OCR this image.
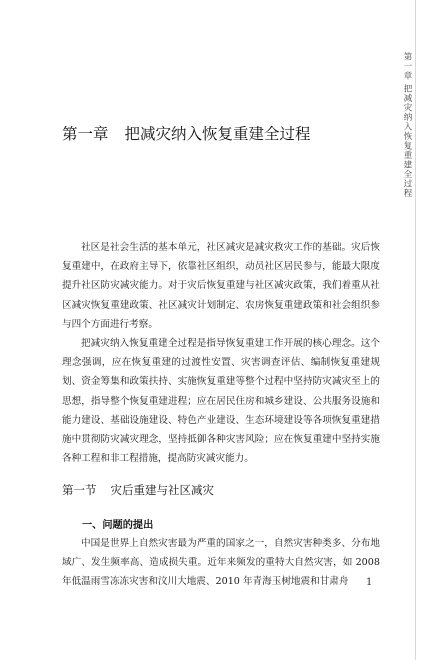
第一章 把减灾纳入恢复重建全过程
第一章 把减灾纳入恢复重建全过程

社区是社会生活的基本单元，社区减灾是减灾救灾工作的基础。灾后恢复重建中，在政府主导下，依靠社区组织，动员社区居民参与，能最大限度提升社区防灾减灾能力。对于灾后恢复重建与社区减灾政策，我们着重从社区减灾恢复重建政策、社区减灾计划制定、农房恢复重建政策和社会组织参与四个方面进行考察。

把减灾纳入恢复重建全过程是指导恢复重建工作开展的核心理念。这个理念强调，应在恢复重建的过渡性安置、灾害调查评估、编制恢复重建规划、资金筹集和政策扶持、实施恢复重建等整个过程中坚持防灾减灾至上的思想，指导整个恢复重建进程；应在居民住房和城乡建设、公共服务设施和能力建设、基础设施建设、特色产业建设、生态环境建设等各项恢复重建措施中贯彻防灾减灾理念，坚持抵御各种灾害风险；应在恢复重建中坚持实施各种工程和非工程措施，提高防灾减灾能力。

第一节 灾后重建与社区减灾
一、问题的提出

中国是世界上自然灾害最为严重的国家之一，自然灾害种类多、分布地域广、发生频率高、造成损失重。近年来频发的重特大自然灾害，如 2008 年低温雨雪冻冻灾害和汶川大地震、2010 年青海玉树地震和甘肃舟	1
